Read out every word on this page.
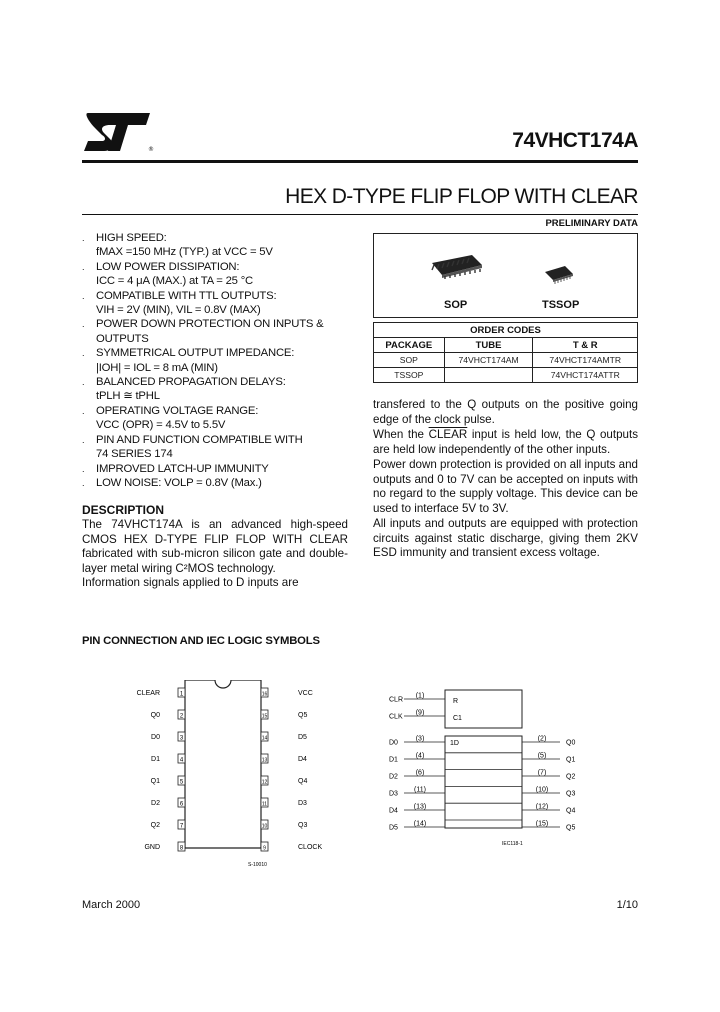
®	74VHCT174A
HEX D-TYPE FLIP FLOP WITH CLEAR
PRELIMINARY DATA
. HIGH SPEED:
fMAX =150 MHz (TYP.) at VCC = 5V
. LOW POWER DISSIPATION:
ICC = 4 μA (MAX.) at TA = 25 °C
. COMPATIBLE WITH TTL OUTPUTS:
VIH = 2V (MIN), VIL = 0.8V (MAX)
. POWER DOWN PROTECTION ON INPUTS &
OUTPUTS
. SYMMETRICAL OUTPUT IMPEDANCE:
|IOH| = IOL = 8 mA (MIN)
. BALANCED PROPAGATION DELAYS:
tPLH ≅ tPHL
. OPERATING VOLTAGE RANGE:
VCC (OPR) = 4.5V to 5.5V
. PIN AND FUNCTION COMPATIBLE WITH
74 SERIES 174
. IMPROVED LATCH-UP IMMUNITY
. LOW NOISE: VOLP = 0.8V (Max.)
DESCRIPTION

The 74VHCT174A is an advanced high-speed CMOS HEX D-TYPE FLIP FLOP WITH CLEAR fabricated with sub-micron silicon gate and double-layer metal wiring C²MOS technology.

Information signals applied to D inputs are

SOP	TSSOP
ORDER CODES		
PACKAGE	TUBE	T & R
SOP	74VHCT174AM	74VHCT174AMTR
TSSOP		74VHCT174ATTR

transfered to the Q outputs on the positive going edge of the clock pulse.

When the CLEAR input is held low, the Q outputs are held low independently of the other inputs.

Power down protection is provided on all inputs and outputs and 0 to 7V can be accepted on inputs with no regard to the supply voltage. This device can be used to interface 5V to 3V.

All inputs and outputs are equipped with protection circuits against static discharge, giving them 2KV ESD immunity and transient excess voltage.

PIN CONNECTION AND IEC LOGIC SYMBOLS
1	16
CLEAR	VCC
2	15
Q0	Q5
3	14
D0	D5
4	13
D1	D4
5	12
Q1	Q4
6	11
D2	D3
7	10
Q2	Q3
8	9
GND	CLOCK
S-10010
R
C1
1D
CLR
(1)
CLK
(9)
D0
(3)
D1
(4)
D2
(6)
D3
(11)
D4
(13)
D5
(14)
(2)
Q0
(5)
Q1
(7)
Q2
(10)
Q3
(12)
Q4
(15)
Q5
IEC118-1
March 2000	1/10
